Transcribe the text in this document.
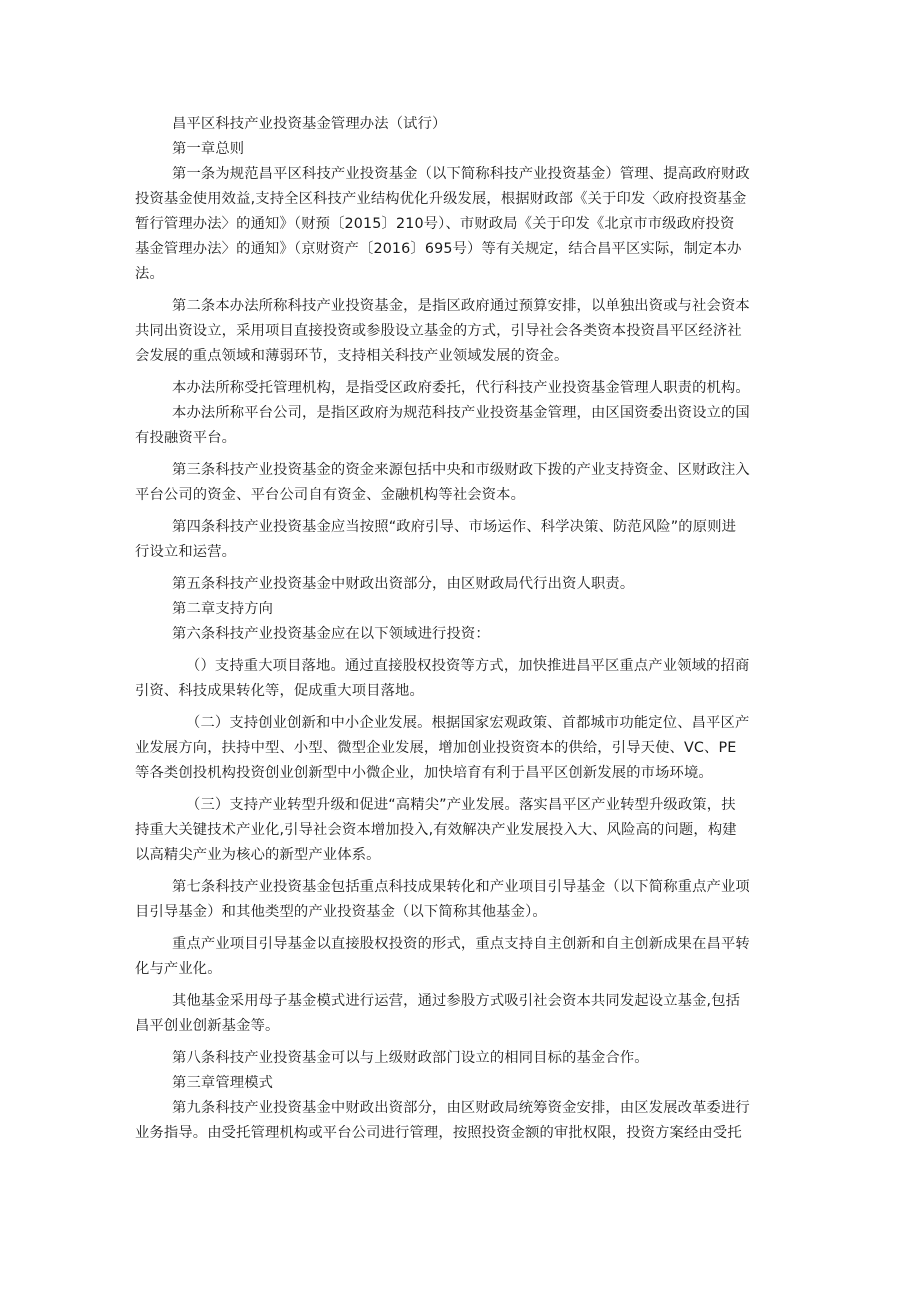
昌平区科技产业投资基金管理办法（试行）

第一章总则

第一条为规范昌平区科技产业投资基金（以下简称科技产业投资基金）管理、提高政府财政

投资基金使用效益,支持全区科技产业结构优化升级发展，根据财政部《关于印发〈政府投资基金

暂行管理办法〉的通知》（财预〔2015〕210号）、市财政局《关于印发《北京市市级政府投资

基金管理办法〉的通知》（京财资产〔2016〕695号）等有关规定，结合昌平区实际，制定本办

法。

第二条本办法所称科技产业投资基金，是指区政府通过预算安排，以单独出资或与社会资本

共同出资设立，采用项目直接投资或参股设立基金的方式，引导社会各类资本投资昌平区经济社

会发展的重点领域和薄弱环节，支持相关科技产业领域发展的资金。

本办法所称受托管理机构，是指受区政府委托，代行科技产业投资基金管理人职责的机构。

本办法所称平台公司，是指区政府为规范科技产业投资基金管理，由区国资委出资设立的国

有投融资平台。

第三条科技产业投资基金的资金来源包括中央和市级财政下拨的产业支持资金、区财政注入

平台公司的资金、平台公司自有资金、金融机构等社会资本。

第四条科技产业投资基金应当按照“政府引导、市场运作、科学决策、防范风险”的原则进

行设立和运营。

第五条科技产业投资基金中财政出资部分，由区财政局代行出资人职责。

第二章支持方向

第六条科技产业投资基金应在以下领域进行投资：

（）支持重大项目落地。通过直接股权投资等方式，加快推进昌平区重点产业领域的招商

引资、科技成果转化等，促成重大项目落地。

（二）支持创业创新和中小企业发展。根据国家宏观政策、首都城市功能定位、昌平区产

业发展方向，扶持中型、小型、微型企业发展，增加创业投资资本的供给，引导天使、VC、PE

等各类创投机构投资创业创新型中小微企业，加快培育有利于昌平区创新发展的市场环境。

（三）支持产业转型升级和促进“高精尖”产业发展。落实昌平区产业转型升级政策，扶

持重大关键技术产业化,引导社会资本增加投入,有效解决产业发展投入大、风险高的问题，构建

以高精尖产业为核心的新型产业体系。

第七条科技产业投资基金包括重点科技成果转化和产业项目引导基金（以下简称重点产业项

目引导基金）和其他类型的产业投资基金（以下简称其他基金）。

重点产业项目引导基金以直接股权投资的形式，重点支持自主创新和自主创新成果在昌平转

化与产业化。

其他基金采用母子基金模式进行运营，通过参股方式吸引社会资本共同发起设立基金,包括

昌平创业创新基金等。

第八条科技产业投资基金可以与上级财政部门设立的相同目标的基金合作。

第三章管理模式

第九条科技产业投资基金中财政出资部分，由区财政局统筹资金安排，由区发展改革委进行

业务指导。由受托管理机构或平台公司进行管理，按照投资金额的审批权限，投资方案经由受托
